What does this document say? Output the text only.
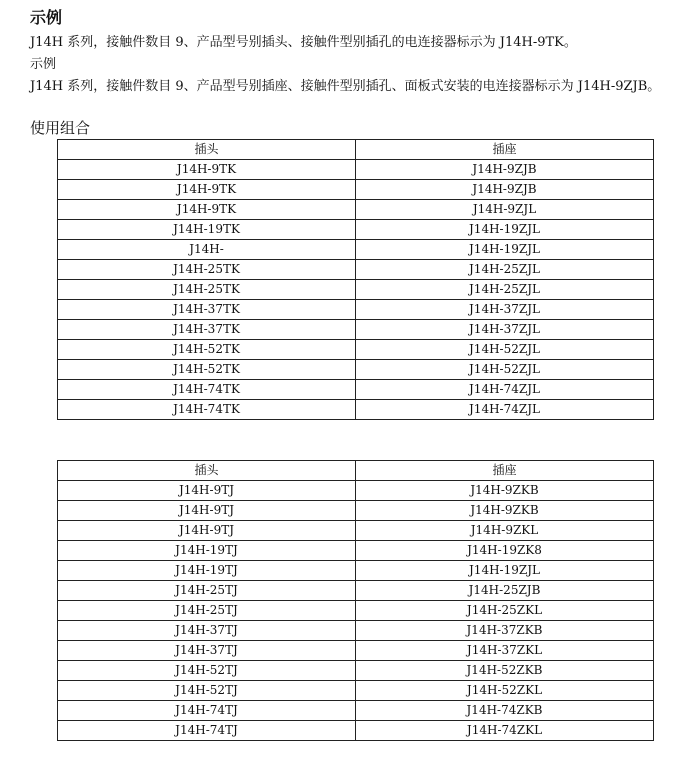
示例
J14H 系列，接触件数目 9、产品型号别插头、接触件型别插孔的电连接器标示为 J14H-9TK。
示例
J14H 系列，接触件数目 9、产品型号别插座、接触件型别插孔、面板式安装的电连接器标示为 J14H-9ZJB。
使用组合
插头	插座
J14H-9TK	J14H-9ZJB
J14H-9TK	J14H-9ZJB
J14H-9TK	J14H-9ZJL
J14H-19TK	J14H-19ZJL
J14H-	J14H-19ZJL
J14H-25TK	J14H-25ZJL
J14H-25TK	J14H-25ZJL
J14H-37TK	J14H-37ZJL
J14H-37TK	J14H-37ZJL
J14H-52TK	J14H-52ZJL
J14H-52TK	J14H-52ZJL
J14H-74TK	J14H-74ZJL
J14H-74TK	J14H-74ZJL
插头	插座
J14H-9TJ	J14H-9ZKB
J14H-9TJ	J14H-9ZKB
J14H-9TJ	J14H-9ZKL
J14H-19TJ	J14H-19ZK8
J14H-19TJ	J14H-19ZJL
J14H-25TJ	J14H-25ZJB
J14H-25TJ	J14H-25ZKL
J14H-37TJ	J14H-37ZKB
J14H-37TJ	J14H-37ZKL
J14H-52TJ	J14H-52ZKB
J14H-52TJ	J14H-52ZKL
J14H-74TJ	J14H-74ZKB
J14H-74TJ	J14H-74ZKL
